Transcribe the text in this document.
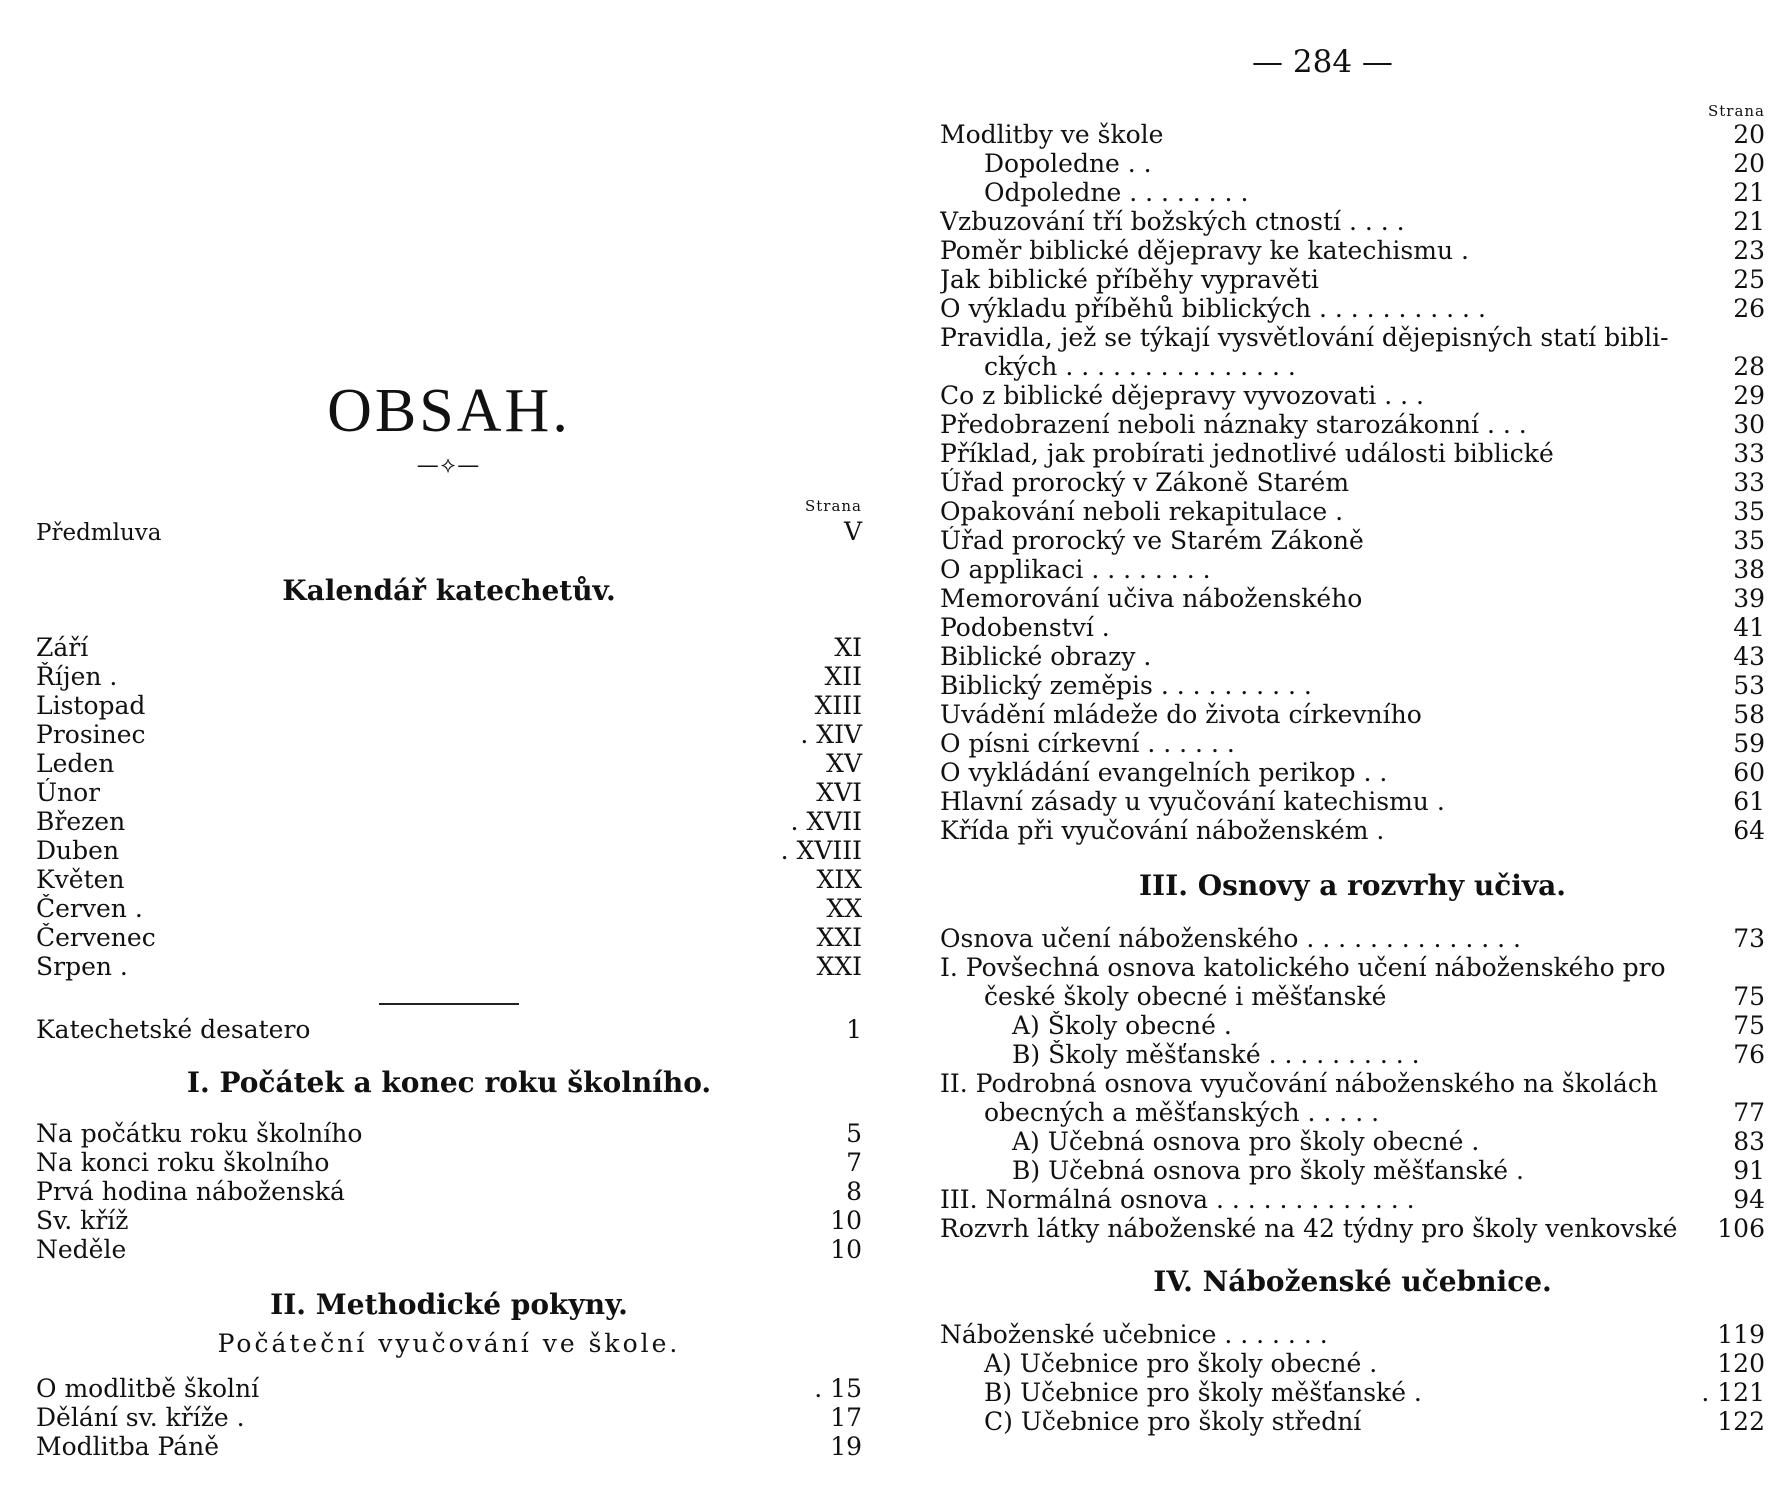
OBSAH.
—⟡—
Strana
Předmluva	V
Kalendář katechetův.
Září	XI
Říjen .	XII
Listopad	XIII
Prosinec	. XIV
Leden	XV
Únor	XVI
Březen	. XVII
Duben	. XVIII
Květen	XIX
Červen .	XX
Červenec	XXI
Srpen .	XXI
Katechetské desatero	1
I. Počátek a konec roku školního.
Na počátku roku školního	5
Na konci roku školního	7
Prvá hodina náboženská	8
Sv. kříž	10
Neděle	10
II. Methodické pokyny.
Počáteční vyučování ve škole.
O modlitbě školní	. 15
Dělání sv. kříže .	17
Modlitba Páně	19
— 284 —
Strana
Modlitby ve škole	20
Dopoledne . .	20
Odpoledne . . . . . . . .	21
Vzbuzování tří božských ctností . . . .	21
Poměr biblické dějepravy ke katechismu .	23
Jak biblické příběhy vypravěti	25
O výkladu příběhů biblických . . . . . . . . . . .	26
Pravidla, jež se týkají vysvětlování dějepisných statí bibli-
ckých . . . . . . . . . . . . . . .	28
Co z biblické dějepravy vyvozovati . . .	29
Předobrazení neboli náznaky starozákonní . . .	30
Příklad, jak probírati jednotlivé události biblické	33
Úřad prorocký v Zákoně Starém	33
Opakování neboli rekapitulace .	35
Úřad prorocký ve Starém Zákoně	35
O applikaci . . . . . . . .	38
Memorování učiva náboženského	39
Podobenství .	41
Biblické obrazy .	43
Biblický zeměpis . . . . . . . . . .	53
Uvádění mládeže do života církevního	58
O písni církevní . . . . . .	59
O vykládání evangelních perikop . .	60
Hlavní zásady u vyučování katechismu .	61
Křída při vyučování náboženském .	64
III. Osnovy a rozvrhy učiva.
Osnova učení náboženského . . . . . . . . . . . . . .	73
I. Povšechná osnova katolického učení náboženského pro
české školy obecné i měšťanské	75
A) Školy obecné .	75
B) Školy měšťanské . . . . . . . . . .	76
II. Podrobná osnova vyučování náboženského na školách
obecných a měšťanských . . . . .	77
A) Učebná osnova pro školy obecné .	83
B) Učebná osnova pro školy měšťanské .	91
III. Normálná osnova . . . . . . . . . . . . .	94
Rozvrh látky náboženské na 42 týdny pro školy venkovské	106
IV. Náboženské učebnice.
Náboženské učebnice . . . . . . .	119
A) Učebnice pro školy obecné .	120
B) Učebnice pro školy měšťanské .	. 121
C) Učebnice pro školy střední	122
